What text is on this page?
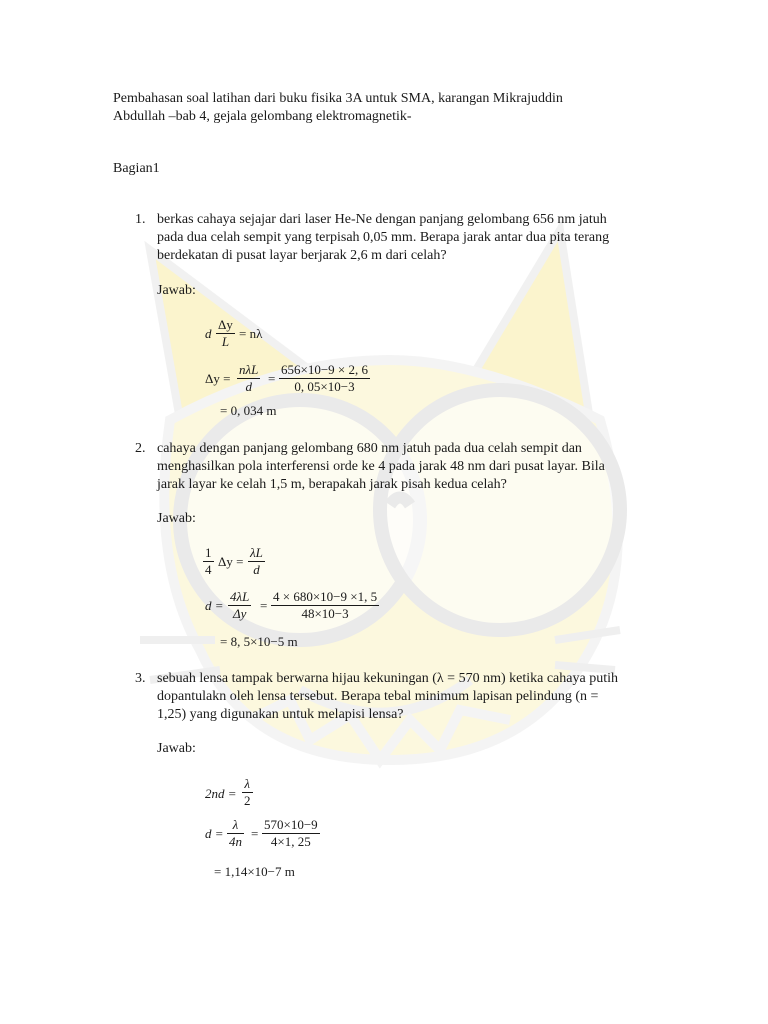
Pembahasan soal latihan dari buku fisika 3A untuk SMA, karangan Mikrajuddin
Abdullah –bab 4, gejala gelombang elektromagnetik-
Bagian1
1. berkas cahaya sejajar dari laser He-Ne dengan panjang gelombang 656 nm jatuh
pada dua celah sempit yang terpisah 0,05 mm. Berapa jarak antar dua pita terang
berdekatan di pusat layar berjarak 2,6 m dari celah?
Jawab:
d $\frac{\Delta y}{L} = n\lambda$
Δy =
nλL
d
= $\frac{656\times 10-9 \times 2, 6}{0, 05\times 10-3}$
= 0, 034 m
2. cahaya dengan panjang gelombang 680 nm jatuh pada dua celah sempit dan
menghasilkan pola interferensi orde ke 4 pada jarak 48 nm dari pusat layar. Bila
jarak layar ke celah 1,5 m, berapakah jarak pisah kedua celah?
Jawab:
$\frac{1}{4}$ $\Delta y = \frac{\lambda L}{d}$
$d = \frac{4\lambda L}{\Delta y} = \frac{4 \times 680\times 10-9 \times 1, 5}{48\times 10-3}$
= 8, 5×10−5 m
3. sebuah lensa tampak berwarna hijau kekuningan (λ = 570 nm) ketika cahaya putih
dopantulakn oleh lensa tersebut. Berapa tebal minimum lapisan pelindung (n =
1,25) yang digunakan untuk melapisi lensa?
Jawab:
$2nd = \frac{\lambda}{2}$
$d = \frac{\lambda}{4n} = \frac{570\times 10-9}{4\times 1, 25}$
= 1,14×10−7 m
